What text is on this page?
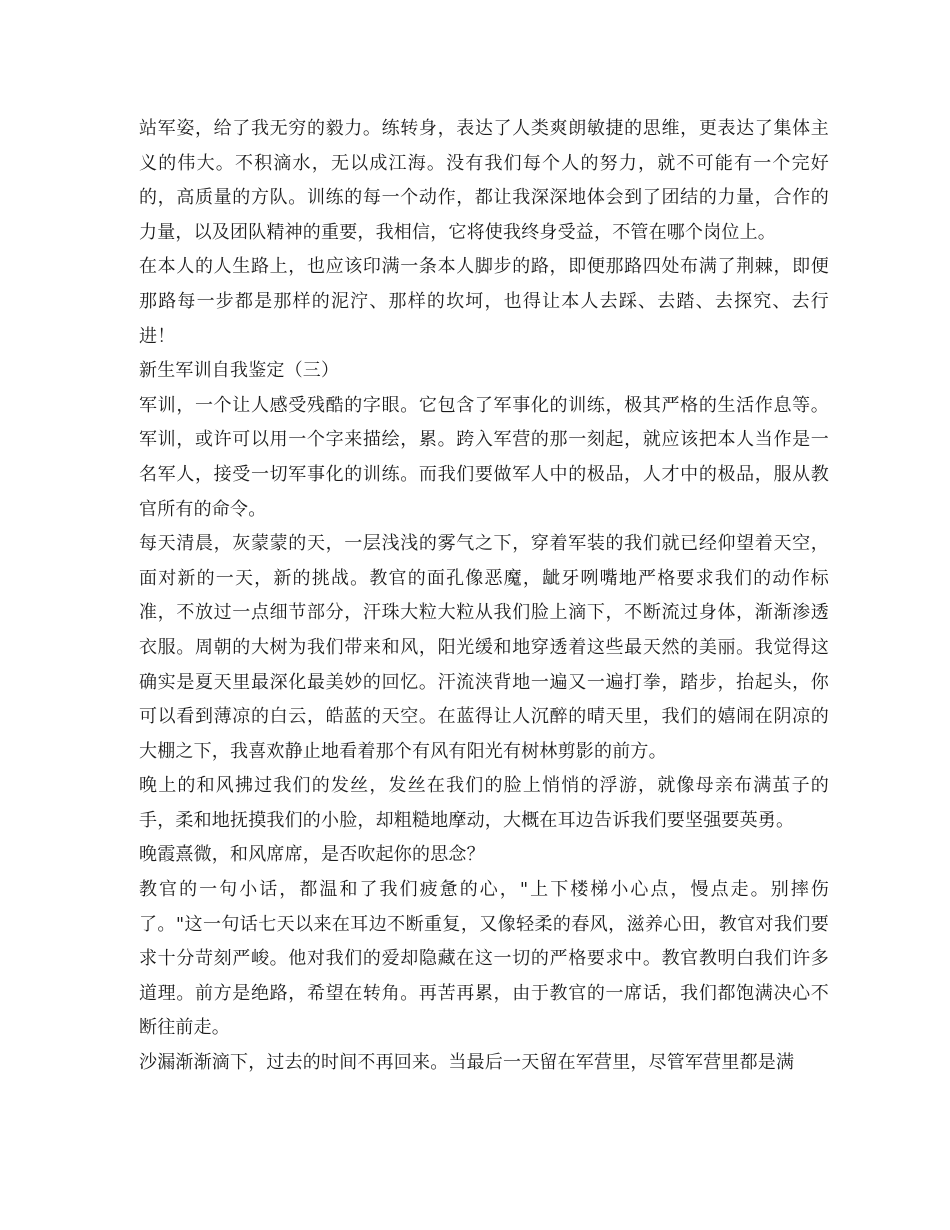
站军姿，给了我无穷的毅力。练转身，表达了人类爽朗敏捷的思维，更表达了集体主义的伟大。不积滴水，无以成江海。没有我们每个人的努力，就不可能有一个完好的，高质量的方队。训练的每一个动作，都让我深深地体会到了团结的力量，合作的力量，以及团队精神的重要，我相信，它将使我终身受益，不管在哪个岗位上。

在本人的人生路上，也应该印满一条本人脚步的路，即便那路四处布满了荆棘，即便那路每一步都是那样的泥泞、那样的坎坷，也得让本人去踩、去踏、去探究、去行进！

新生军训自我鉴定（三）

军训，一个让人感受残酷的字眼。它包含了军事化的训练，极其严格的生活作息等。军训，或许可以用一个字来描绘，累。跨入军营的那一刻起，就应该把本人当作是一名军人，接受一切军事化的训练。而我们要做军人中的极品，人才中的极品，服从教官所有的命令。

每天清晨，灰蒙蒙的天，一层浅浅的雾气之下，穿着军装的我们就已经仰望着天空，面对新的一天，新的挑战。教官的面孔像恶魔，龇牙咧嘴地严格要求我们的动作标准，不放过一点细节部分，汗珠大粒大粒从我们脸上滴下，不断流过身体，渐渐渗透衣服。周朝的大树为我们带来和风，阳光缓和地穿透着这些最天然的美丽。我觉得这确实是夏天里最深化最美妙的回忆。汗流浃背地一遍又一遍打拳，踏步，抬起头，你可以看到薄凉的白云，皓蓝的天空。在蓝得让人沉醉的晴天里，我们的嬉闹在阴凉的大棚之下，我喜欢静止地看着那个有风有阳光有树林剪影的前方。

晚上的和风拂过我们的发丝，发丝在我们的脸上悄悄的浮游，就像母亲布满茧子的手，柔和地抚摸我们的小脸，却粗糙地摩动，大概在耳边告诉我们要坚强要英勇。

晚霞熹微，和风席席，是否吹起你的思念？

教官的一句小话，都温和了我们疲惫的心，"上下楼梯小心点，慢点走。别摔伤了。"这一句话七天以来在耳边不断重复，又像轻柔的春风，滋养心田，教官对我们要求十分苛刻严峻。他对我们的爱却隐藏在这一切的严格要求中。教官教明白我们许多道理。前方是绝路，希望在转角。再苦再累，由于教官的一席话，我们都饱满决心不断往前走。

沙漏渐渐滴下，过去的时间不再回来。当最后一天留在军营里，尽管军营里都是满
